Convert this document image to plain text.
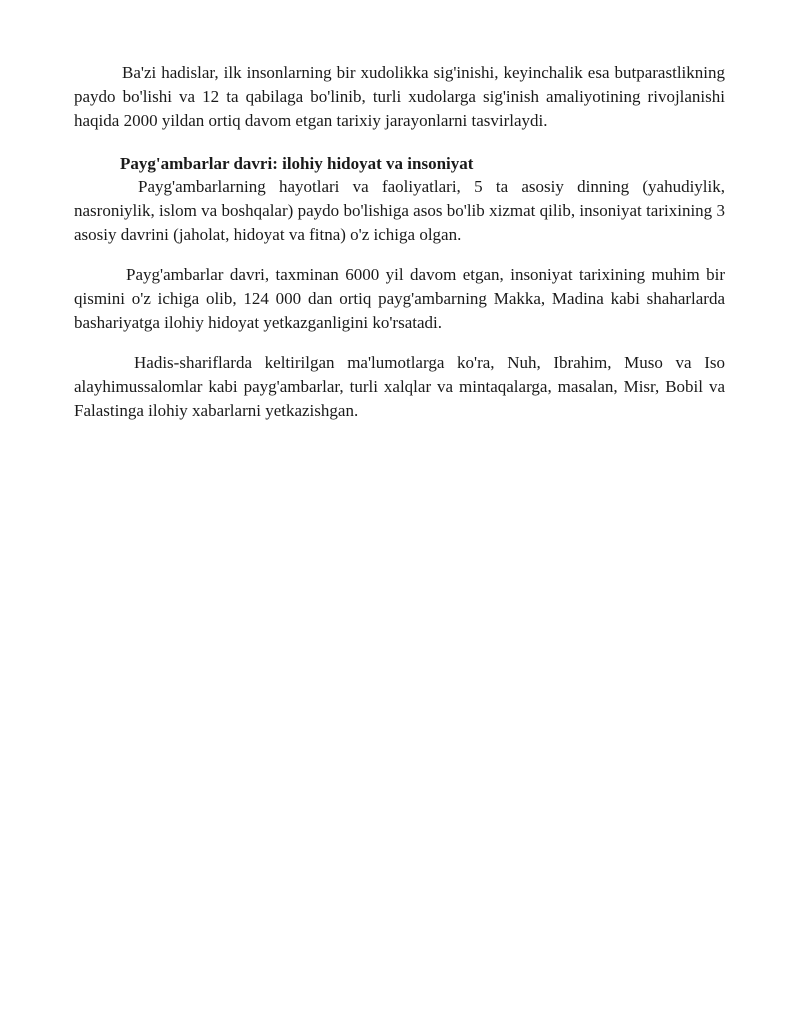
Ba'zi hadislar, ilk insonlarning bir xudolikka sig'inishi, keyinchalik esa butparastlikning paydo bo'lishi va 12 ta qabilaga bo'linib, turli xudolarga sig'inish amaliyotining rivojlanishi haqida 2000 yildan ortiq davom etgan tarixiy jarayonlarni tasvirlaydi.

Payg'ambarlar davri: ilohiy hidoyat va insoniyat

Payg'ambarlarning hayotlari va faoliyatlari, 5 ta asosiy dinning (yahudiylik, nasroniylik, islom va boshqalar) paydo bo'lishiga asos bo'lib xizmat qilib, insoniyat tarixining 3 asosiy davrini (jaholat, hidoyat va fitna) o'z ichiga olgan.

Payg'ambarlar davri, taxminan 6000 yil davom etgan, insoniyat tarixining muhim bir qismini o'z ichiga olib, 124 000 dan ortiq payg'ambarning Makka, Madina kabi shaharlarda bashariyatga ilohiy hidoyat yetkazganligini ko'rsatadi.

Hadis-shariflarda keltirilgan ma'lumotlarga ko'ra, Nuh, Ibrahim, Muso va Iso alayhimussalomlar kabi payg'ambarlar, turli xalqlar va mintaqalarga, masalan, Misr, Bobil va Falastinga ilohiy xabarlarni yetkazishgan.
